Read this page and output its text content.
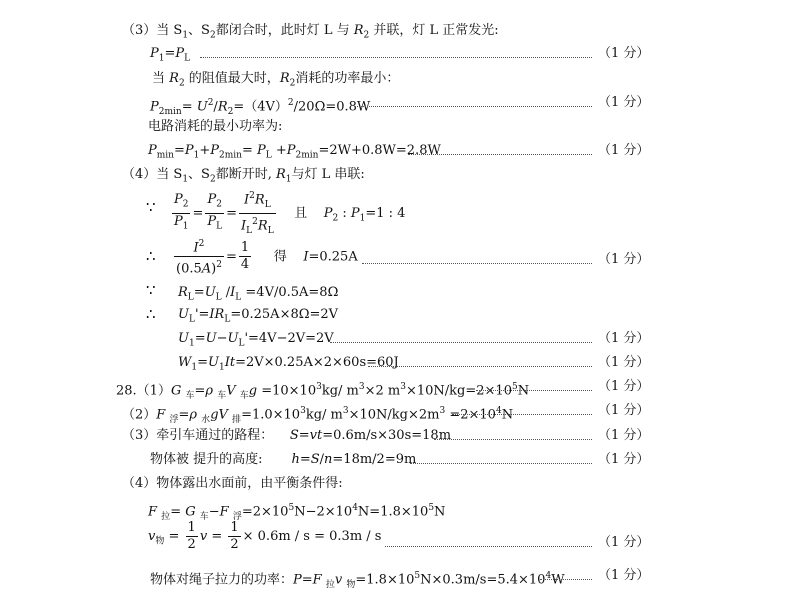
（3）当 $S_1$、$S_2$都闭合时，此时灯 L 与 $R_2$ 并联，灯 L 正常发光:
$P_1=P_L$	（1 分）
当 $R_2$ 的阻值最大时，$R_2$消耗的功率最小：
$P_{2min}= U^2/R_2=(4V)^2/20\Omega=0.8W$	（1 分）
电路消耗的最小功率为:
$P_{min}=P_1+P_{2min}= P_L +P_{2min}=2W+0.8W=2.8W$	（1 分）
（4）当 $S_1$、$S_2$都断开时, $R_1$与灯 L 串联:
∵ $\frac{P_2}{P_1} = \frac{P_2}{P_L} = \frac{I^2R_L}{I_L^2R_L}$ 且    $P_2$ : $P_1=1$ : 4
∴ $\frac{I^2}{(0.5A)^2} = \frac{1}{4}$ 得    I=0.25A	（1 分）
∵ $R_L=U_L$ $/I_L =4V/0.5A=8\Omega$
∴ $U_L'=IR_L=0.25A\times 8\Omega=2V$
$U_1=U-U_L'=4V-2V=2V$	（1 分）
$W_1=U_1It=2V\times 0.25A\times 2\times 60s=60J$	（1 分）
28.（1）G $_车$=ρ $_车$V $_车g =10\times 10^3kg/$ $m^3\times 2$ $m^3\times 10N/kg=2\times 10^5N$	（1 分）
（2）F $_浮$=ρ $_水$gV $_排=1.0\times 10^3kg/$ $m^3\times 10N/kg\times 2m^3 =2\times 10^4N$	（1 分）
（3）牵引车通过的路程：    S=vt=0.6m/s×30s=18m	（1 分）
物体被 提升的高度:       h=S/n=18m/2=9m	（1 分）
（4）物体露出水面前，由平衡条件得:
F $_拉$= G $_车$−F $_浮=2\times 10^5N-2\times 10^4N=1.8\times 10^5N$
$v_物 = \frac{1}{2}$ $v = \frac{1}{2} \times 0.6m / s = 0.3m / s$	（1 分）
物体对绳子拉力的功率：P=F $_拉$v $_物=1.8\times 10^5N\times 0.3m/s=5.4\times 10^4W$	（1 分）
